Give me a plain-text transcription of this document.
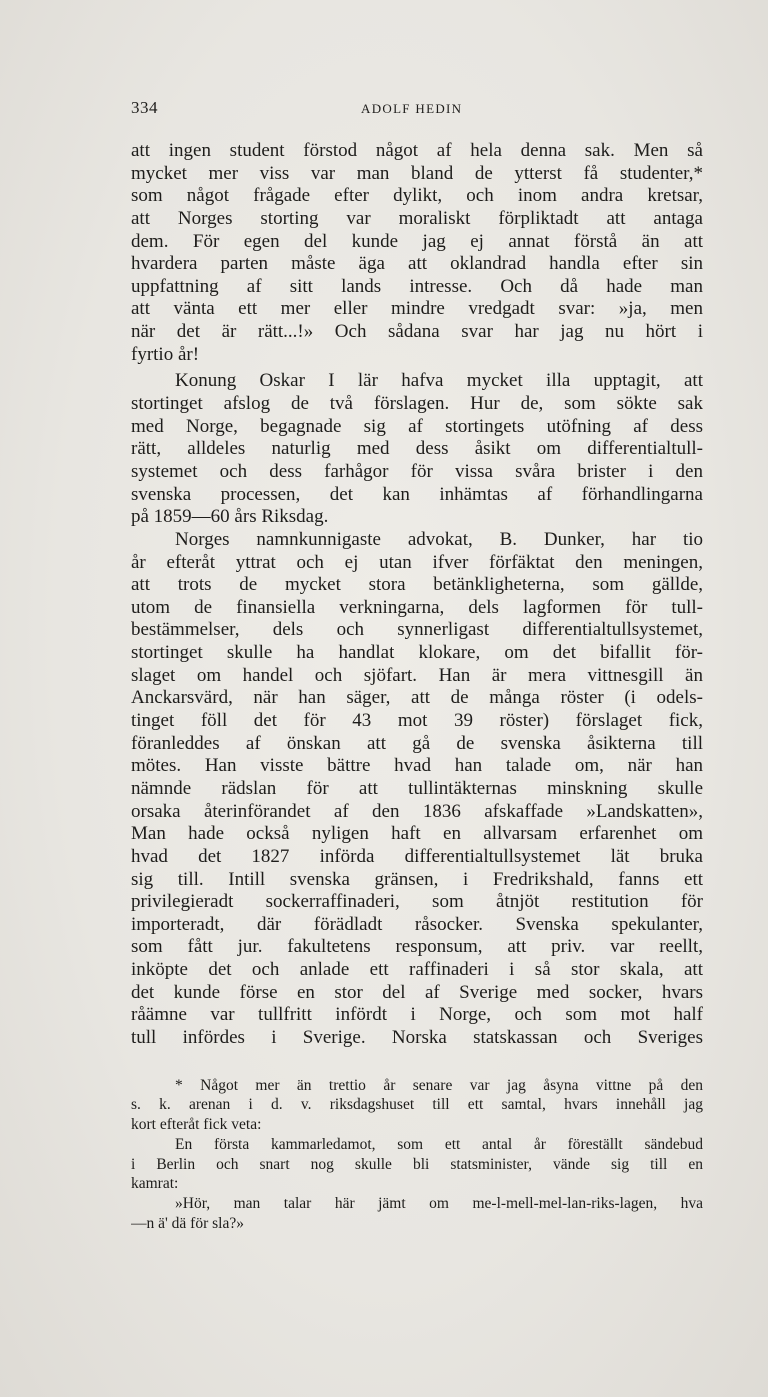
334	ADOLF HEDIN
att ingen student förstod något af hela denna sak. Men så
mycket mer viss var man bland de ytterst få studenter,*
som något frågade efter dylikt, och inom andra kretsar,
att Norges storting var moraliskt förpliktadt att antaga
dem. För egen del kunde jag ej annat förstå än att
hvardera parten måste äga att oklandrad handla efter sin
uppfattning af sitt lands intresse. Och då hade man
att vänta ett mer eller mindre vredgadt svar: »ja, men
när det är rätt...!» Och sådana svar har jag nu hört i
fyrtio år!
Konung Oskar I lär hafva mycket illa upptagit, att
stortinget afslog de två förslagen. Hur de, som sökte sak
med Norge, begagnade sig af stortingets utöfning af dess
rätt, alldeles naturlig med dess åsikt om differentialtull-
systemet och dess farhågor för vissa svåra brister i den
svenska processen, det kan inhämtas af förhandlingarna
på 1859—60 års Riksdag.
Norges namnkunnigaste advokat, B. Dunker, har tio
år efteråt yttrat och ej utan ifver förfäktat den meningen,
att trots de mycket stora betänkligheterna, som gällde,
utom de finansiella verkningarna, dels lagformen för tull-
bestämmelser, dels och synnerligast differentialtullsystemet,
stortinget skulle ha handlat klokare, om det bifallit för-
slaget om handel och sjöfart. Han är mera vittnesgill än
Anckarsvärd, när han säger, att de många röster (i odels-
tinget föll det för 43 mot 39 röster) förslaget fick,
föranleddes af önskan att gå de svenska åsikterna till
mötes. Han visste bättre hvad han talade om, när han
nämnde rädslan för att tullintäkternas minskning skulle
orsaka återinförandet af den 1836 afskaffade »Landskatten»,
Man hade också nyligen haft en allvarsam erfarenhet om
hvad det 1827 införda differentialtullsystemet lät bruka
sig till. Intill svenska gränsen, i Fredrikshald, fanns ett
privilegieradt sockerraffinaderi, som åtnjöt restitution för
importeradt, där förädladt råsocker. Svenska spekulanter,
som fått jur. fakultetens responsum, att priv. var reellt,
inköpte det och anlade ett raffinaderi i så stor skala, att
det kunde förse en stor del af Sverige med socker, hvars
råämne var tullfritt infördt i Norge, och som mot half
tull infördes i Sverige. Norska statskassan och Sveriges
* Något mer än trettio år senare var jag åsyna vittne på den
s. k. arenan i d. v. riksdagshuset till ett samtal, hvars innehåll jag
kort efteråt fick veta:
En första kammarledamot, som ett antal år föreställt sändebud
i Berlin och snart nog skulle bli statsminister, vände sig till en
kamrat:
»Hör, man talar här jämt om me-l-mell-mel-lan-riks-lagen, hva
—n ä' dä för sla?»
